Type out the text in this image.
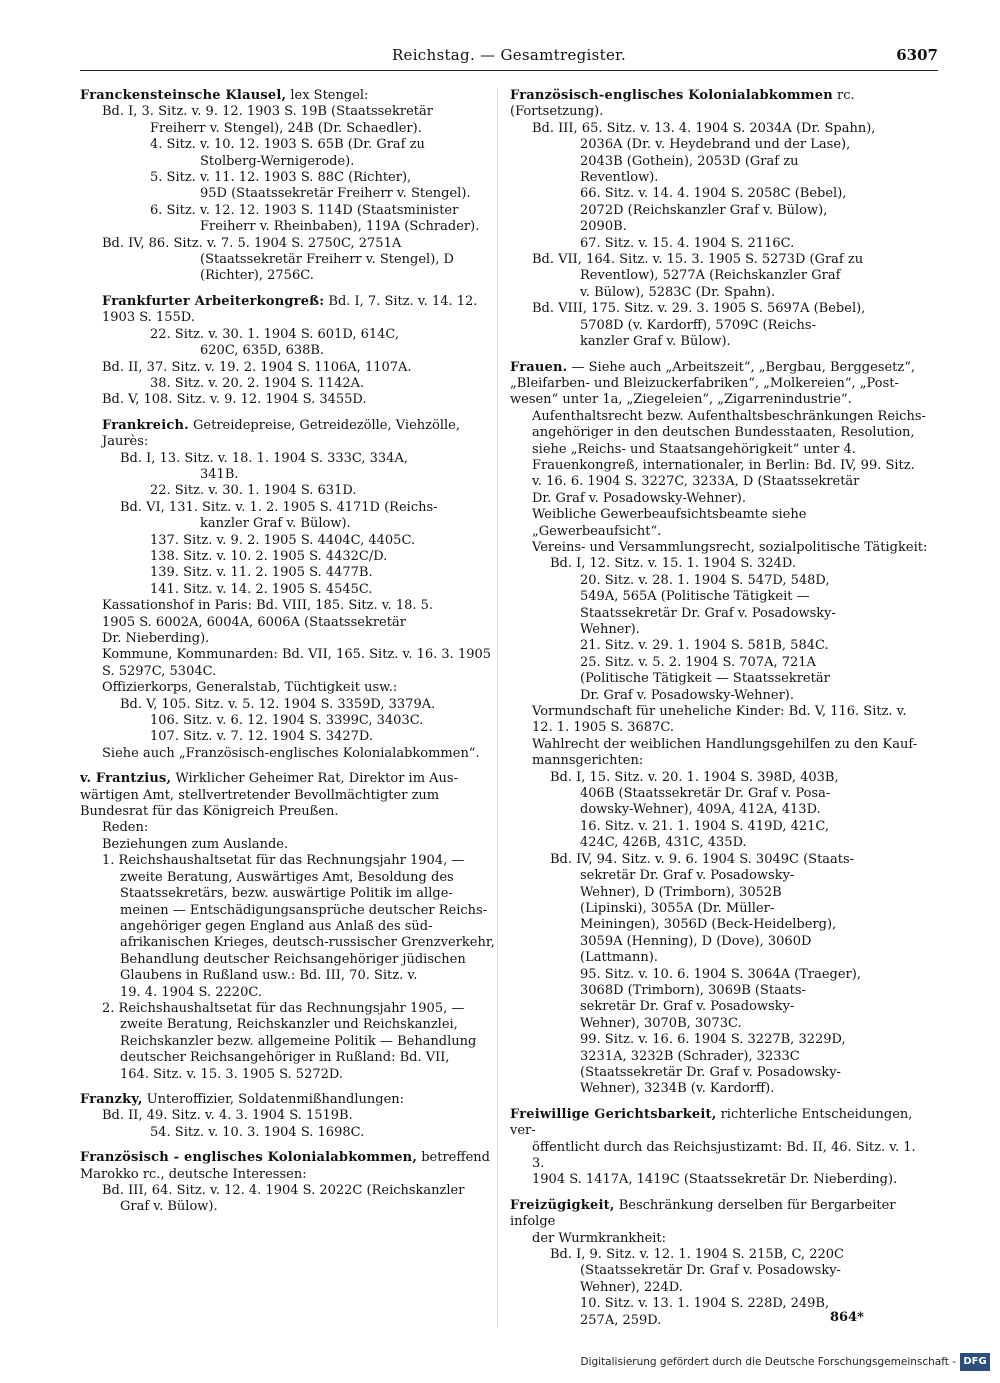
Reichstag. — Gesamtregister.	6307
Franckensteinsche Klausel, lex Stengel:
Bd. I, 3. Sitz. v. 9. 12. 1903 S. 19B (Staatssekretär
Freiherr v. Stengel), 24B (Dr. Schaedler).
4. Sitz. v. 10. 12. 1903 S. 65B (Dr. Graf zu
Stolberg-Wernigerode).
5. Sitz. v. 11. 12. 1903 S. 88C (Richter),
95D (Staatssekretär Freiherr v. Stengel).
6. Sitz. v. 12. 12. 1903 S. 114D (Staatsminister
Freiherr v. Rheinbaben), 119A (Schrader).
Bd. IV, 86. Sitz. v. 7. 5. 1904 S. 2750C, 2751A
(Staatssekretär Freiherr v. Stengel), D
(Richter), 2756C.
Frankfurter Arbeiterkongreß: Bd. I, 7. Sitz. v. 14. 12. 1903 S. 155D.
22. Sitz. v. 30. 1. 1904 S. 601D, 614C,
620C, 635D, 638B.
Bd. II, 37. Sitz. v. 19. 2. 1904 S. 1106A, 1107A.
38. Sitz. v. 20. 2. 1904 S. 1142A.
Bd. V, 108. Sitz. v. 9. 12. 1904 S. 3455D.
Frankreich. Getreidepreise, Getreidezölle, Viehzölle, Jaurès:
Bd. I, 13. Sitz. v. 18. 1. 1904 S. 333C, 334A,
341B.
22. Sitz. v. 30. 1. 1904 S. 631D.
Bd. VI, 131. Sitz. v. 1. 2. 1905 S. 4171D (Reichs-
kanzler Graf v. Bülow).
137. Sitz. v. 9. 2. 1905 S. 4404C, 4405C.
138. Sitz. v. 10. 2. 1905 S. 4432C/D.
139. Sitz. v. 11. 2. 1905 S. 4477B.
141. Sitz. v. 14. 2. 1905 S. 4545C.
Kassationshof in Paris: Bd. VIII, 185. Sitz. v. 18. 5.
1905 S. 6002A, 6004A, 6006A (Staatssekretär
Dr. Nieberding).
Kommune, Kommunarden: Bd. VII, 165. Sitz. v. 16. 3. 1905
S. 5297C, 5304C.
Offizierkorps, Generalstab, Tüchtigkeit usw.:
Bd. V, 105. Sitz. v. 5. 12. 1904 S. 3359D, 3379A.
106. Sitz. v. 6. 12. 1904 S. 3399C, 3403C.
107. Sitz. v. 7. 12. 1904 S. 3427D.
Siehe auch „Französisch-englisches Kolonialabkommen“.
v. Frantzius, Wirklicher Geheimer Rat, Direktor im Aus-
wärtigen Amt, stellvertretender Bevollmächtigter zum
Bundesrat für das Königreich Preußen.
Reden:
Beziehungen zum Auslande.
1. Reichshaushaltsetat für das Rechnungsjahr 1904, —
zweite Beratung, Auswärtiges Amt, Besoldung des
Staatssekretärs, bezw. auswärtige Politik im allge-
meinen — Entschädigungsansprüche deutscher Reichs-
angehöriger gegen England aus Anlaß des süd-
afrikanischen Krieges, deutsch-russischer Grenzverkehr,
Behandlung deutscher Reichsangehöriger jüdischen
Glaubens in Rußland usw.: Bd. III, 70. Sitz. v.
19. 4. 1904 S. 2220C.
2. Reichshaushaltsetat für das Rechnungsjahr 1905, —
zweite Beratung, Reichskanzler und Reichskanzlei,
Reichskanzler bezw. allgemeine Politik — Behandlung
deutscher Reichsangehöriger in Rußland: Bd. VII,
164. Sitz. v. 15. 3. 1905 S. 5272D.
Franzky, Unteroffizier, Soldatenmißhandlungen:
Bd. II, 49. Sitz. v. 4. 3. 1904 S. 1519B.
54. Sitz. v. 10. 3. 1904 S. 1698C.
Französisch - englisches Kolonialabkommen, betreffend
Marokko rc., deutsche Interessen:
Bd. III, 64. Sitz. v. 12. 4. 1904 S. 2022C (Reichskanzler
Graf v. Bülow).
Französisch-englisches Kolonialabkommen rc. (Fortsetzung).
Bd. III, 65. Sitz. v. 13. 4. 1904 S. 2034A (Dr. Spahn),
2036A (Dr. v. Heydebrand und der Lase),
2043B (Gothein), 2053D (Graf zu
Reventlow).
66. Sitz. v. 14. 4. 1904 S. 2058C (Bebel),
2072D (Reichskanzler Graf v. Bülow),
2090B.
67. Sitz. v. 15. 4. 1904 S. 2116C.
Bd. VII, 164. Sitz. v. 15. 3. 1905 S. 5273D (Graf zu
Reventlow), 5277A (Reichskanzler Graf
v. Bülow), 5283C (Dr. Spahn).
Bd. VIII, 175. Sitz. v. 29. 3. 1905 S. 5697A (Bebel),
5708D (v. Kardorff), 5709C (Reichs-
kanzler Graf v. Bülow).
Frauen. — Siehe auch „Arbeitszeit“, „Bergbau, Berggesetz“,
„Bleifarben- und Bleizuckerfabriken“, „Molkereien“, „Post-
wesen“ unter 1a, „Ziegeleien“, „Zigarrenindustrie“.
Aufenthaltsrecht bezw. Aufenthaltsbeschränkungen Reichs-
angehöriger in den deutschen Bundesstaaten, Resolution,
siehe „Reichs- und Staatsangehörigkeit“ unter 4.
Frauenkongreß, internationaler, in Berlin: Bd. IV, 99. Sitz.
v. 16. 6. 1904 S. 3227C, 3233A, D (Staatssekretär
Dr. Graf v. Posadowsky-Wehner).
Weibliche Gewerbeaufsichtsbeamte siehe „Gewerbeaufsicht“.
Vereins- und Versammlungsrecht, sozialpolitische Tätigkeit:
Bd. I, 12. Sitz. v. 15. 1. 1904 S. 324D.
20. Sitz. v. 28. 1. 1904 S. 547D, 548D,
549A, 565A (Politische Tätigkeit —
Staatssekretär Dr. Graf v. Posadowsky-
Wehner).
21. Sitz. v. 29. 1. 1904 S. 581B, 584C.
25. Sitz. v. 5. 2. 1904 S. 707A, 721A
(Politische Tätigkeit — Staatssekretär
Dr. Graf v. Posadowsky-Wehner).
Vormundschaft für uneheliche Kinder: Bd. V, 116. Sitz. v.
12. 1. 1905 S. 3687C.
Wahlrecht der weiblichen Handlungsgehilfen zu den Kauf-
mannsgerichten:
Bd. I, 15. Sitz. v. 20. 1. 1904 S. 398D, 403B,
406B (Staatssekretär Dr. Graf v. Posa-
dowsky-Wehner), 409A, 412A, 413D.
16. Sitz. v. 21. 1. 1904 S. 419D, 421C,
424C, 426B, 431C, 435D.
Bd. IV, 94. Sitz. v. 9. 6. 1904 S. 3049C (Staats-
sekretär Dr. Graf v. Posadowsky-
Wehner), D (Trimborn), 3052B
(Lipinski), 3055A (Dr. Müller-
Meiningen), 3056D (Beck-Heidelberg),
3059A (Henning), D (Dove), 3060D
(Lattmann).
95. Sitz. v. 10. 6. 1904 S. 3064A (Traeger),
3068D (Trimborn), 3069B (Staats-
sekretär Dr. Graf v. Posadowsky-
Wehner), 3070B, 3073C.
99. Sitz. v. 16. 6. 1904 S. 3227B, 3229D,
3231A, 3232B (Schrader), 3233C
(Staatssekretär Dr. Graf v. Posadowsky-
Wehner), 3234B (v. Kardorff).
Freiwillige Gerichtsbarkeit, richterliche Entscheidungen, ver-
öffentlicht durch das Reichsjustizamt: Bd. II, 46. Sitz. v. 1. 3.
1904 S. 1417A, 1419C (Staatssekretär Dr. Nieberding).
Freizügigkeit, Beschränkung derselben für Bergarbeiter infolge
der Wurmkrankheit:
Bd. I, 9. Sitz. v. 12. 1. 1904 S. 215B, C, 220C
(Staatssekretär Dr. Graf v. Posadowsky-
Wehner), 224D.
10. Sitz. v. 13. 1. 1904 S. 228D, 249B,
257A, 259D.	864*
Digitalisierung gefördert durch die Deutsche Forschungsgemeinschaft - DFG
